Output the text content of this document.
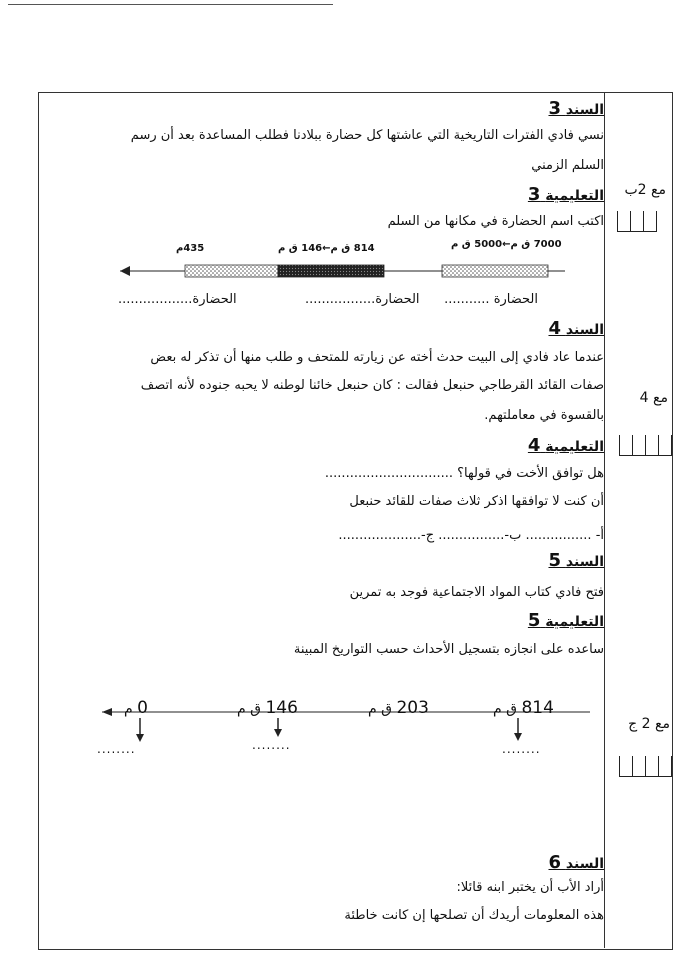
السند 3
نسي فادي الفترات التاريخية التي عاشتها كل حضارة ببلادنا فطلب المساعدة بعد أن رسم
السلم الزمني
التعليمية 3
اكتب اسم الحضارة في مكانها من السلم
7000 ق م←5000 ق م
814 ق م←146 ق م
435م
الحضارة ...........
الحضارة.................
الحضارة..................
السند 4
عندما عاد فادي إلى البيت حدث أخته عن زيارته للمتحف و طلب منها أن تذكر له بعض
صفات القائد القرطاجي حنبعل فقالت : كان حنبعل خائنا لوطنه لا يحبه جنوده لأنه اتصف
بالقسوة في معاملتهم.
التعليمية 4
هل توافق الأخت في قولها؟ ...............................
أن كنت لا توافقها اذكر ثلاث صفات للقائد حنبعل
أ- ................ ب-................ ج-....................
السند 5
فتح فادي كتاب المواد الاجتماعية فوجد به تمرين
التعليمية 5
ساعده على انجازه بتسجيل الأحداث حسب التواريخ المبينة
814 ق م
203 ق م
146 ق م
0 م
........	........	........
السند 6
أراد الأب أن يختبر ابنه قائلا:
هذه المعلومات أريدك أن تصلحها إن كانت خاطئة
مع 2ب
مع 4
مع 2 ج
